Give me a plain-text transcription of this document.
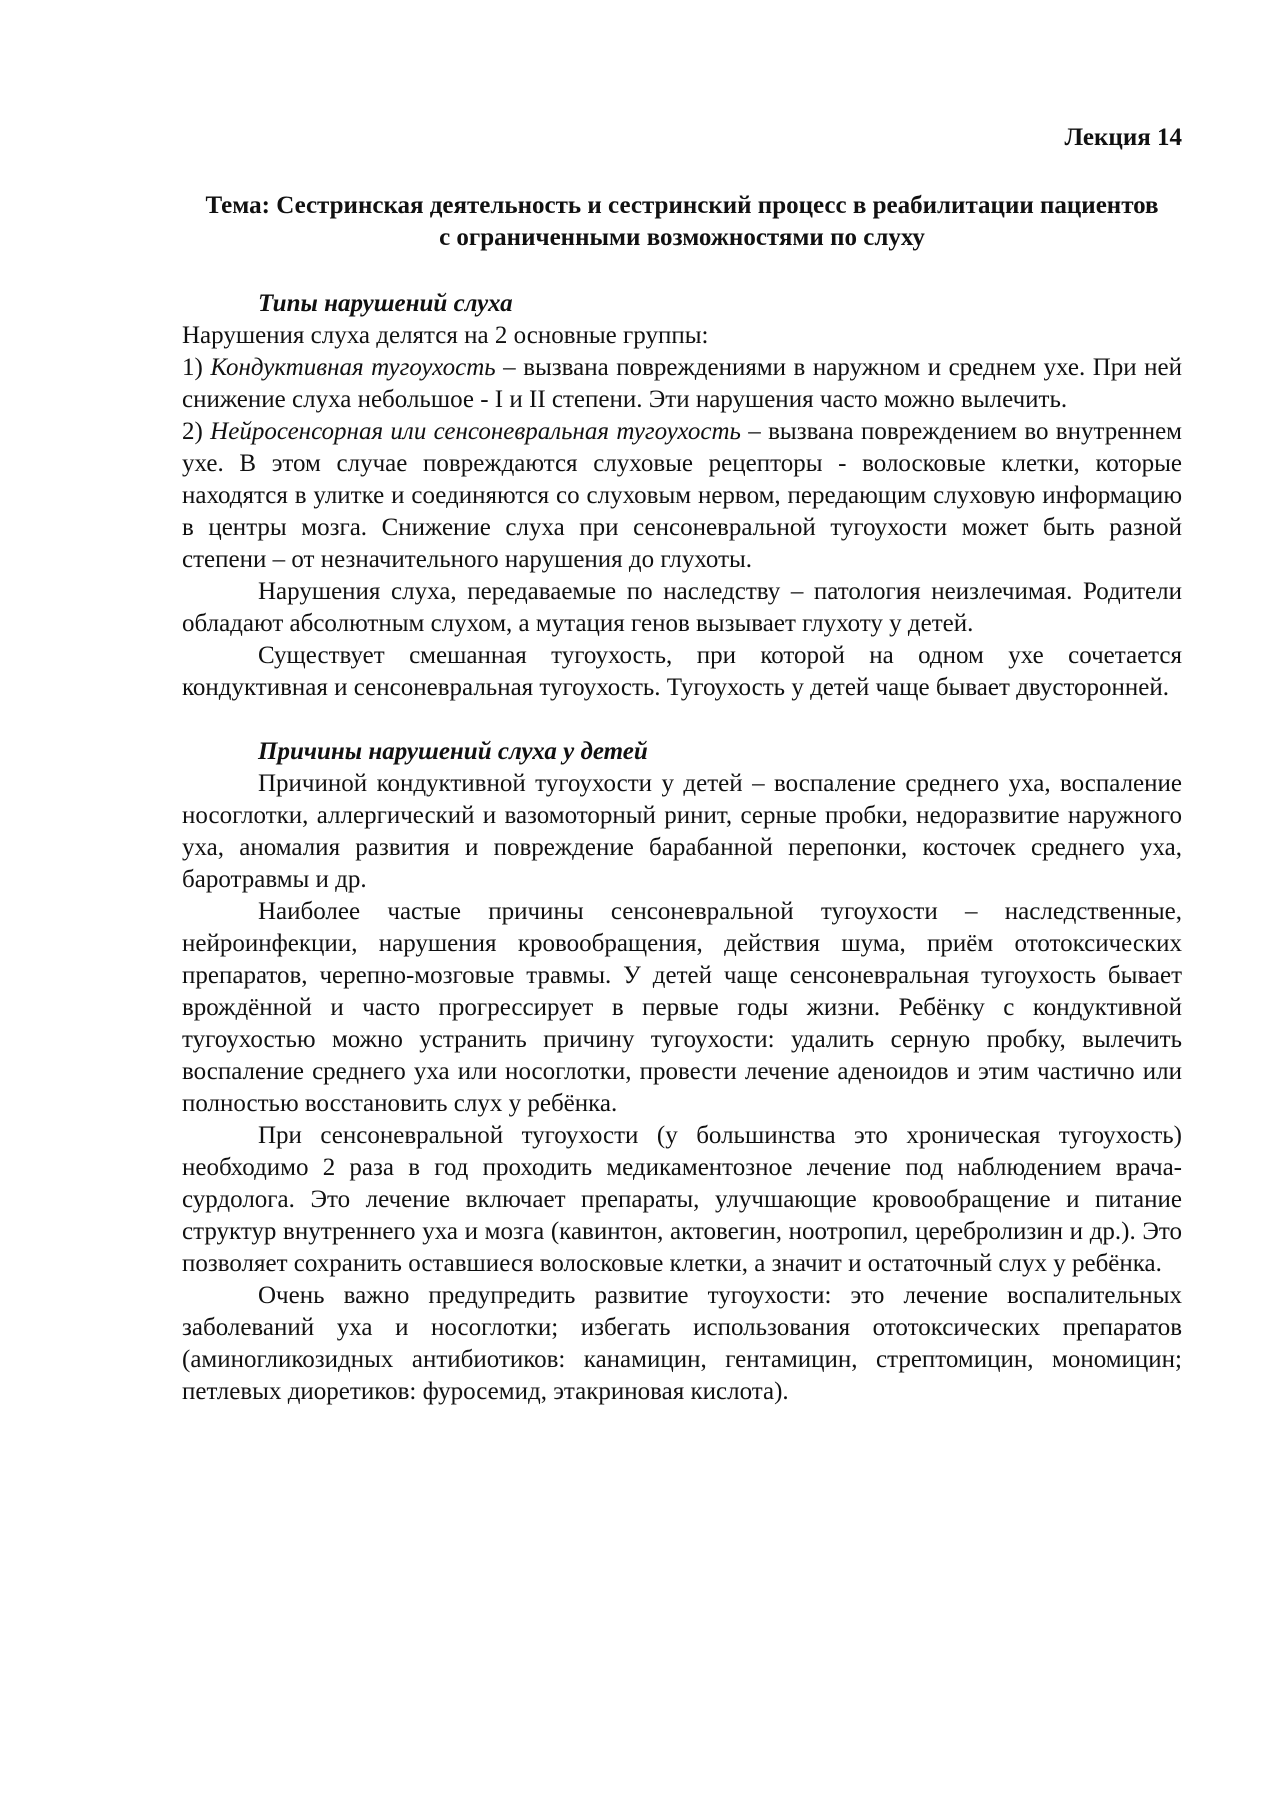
Лекция 14

Тема: Сестринская деятельность и сестринский процесс в реабилитации пациентов с ограниченными возможностями по слуху

Типы нарушений слуха

Нарушения слуха делятся на 2 основные группы:

1) Кондуктивная тугоухость – вызвана повреждениями в наружном и среднем ухе. При ней снижение слуха небольшое - I и II степени. Эти нарушения часто можно вылечить.

2) Нейросенсорная или сенсоневральная тугоухость – вызвана повреждением во внутреннем ухе. В этом случае повреждаются слуховые рецепторы - волосковые клетки, которые находятся в улитке и соединяются со слуховым нервом, передающим слуховую информацию в центры мозга. Снижение слуха при сенсоневральной тугоухости может быть разной степени – от незначительного нарушения до глухоты.

Нарушения слуха, передаваемые по наследству – патология неизлечимая. Родители обладают абсолютным слухом, а мутация генов вызывает глухоту у детей.

Существует смешанная тугоухость, при которой на одном ухе сочетается кондуктивная и сенсоневральная тугоухость. Тугоухость у детей чаще бывает двусторонней.

Причины нарушений слуха у детей

Причиной кондуктивной тугоухости у детей – воспаление среднего уха, воспаление носоглотки, аллергический и вазомоторный ринит, серные пробки, недоразвитие наружного уха, аномалия развития и повреждение барабанной перепонки, косточек среднего уха, баротравмы и др.

Наиболее частые причины сенсоневральной тугоухости – наследственные, нейроинфекции, нарушения кровообращения, действия шума, приём ототоксических препаратов, черепно-мозговые травмы. У детей чаще сенсоневральная тугоухость бывает врождённой и часто прогрессирует в первые годы жизни. Ребёнку с кондуктивной тугоухостью можно устранить причину тугоухости: удалить серную пробку, вылечить воспаление среднего уха или носоглотки, провести лечение аденоидов и этим частично или полностью восстановить слух у ребёнка.

При сенсоневральной тугоухости (у большинства это хроническая тугоухость) необходимо 2 раза в год проходить медикаментозное лечение под наблюдением врача-сурдолога. Это лечение включает препараты, улучшающие кровообращение и питание структур внутреннего уха и мозга (кавинтон, актовегин, ноотропил, церебролизин и др.). Это позволяет сохранить оставшиеся волосковые клетки, а значит и остаточный слух у ребёнка.

Очень важно предупредить развитие тугоухости: это лечение воспалительных заболеваний уха и носоглотки; избегать использования ототоксических препаратов (аминогликозидных антибиотиков: канамицин, гентамицин, стрептомицин, мономицин; петлевых диоретиков: фуросемид, этакриновая кислота).
